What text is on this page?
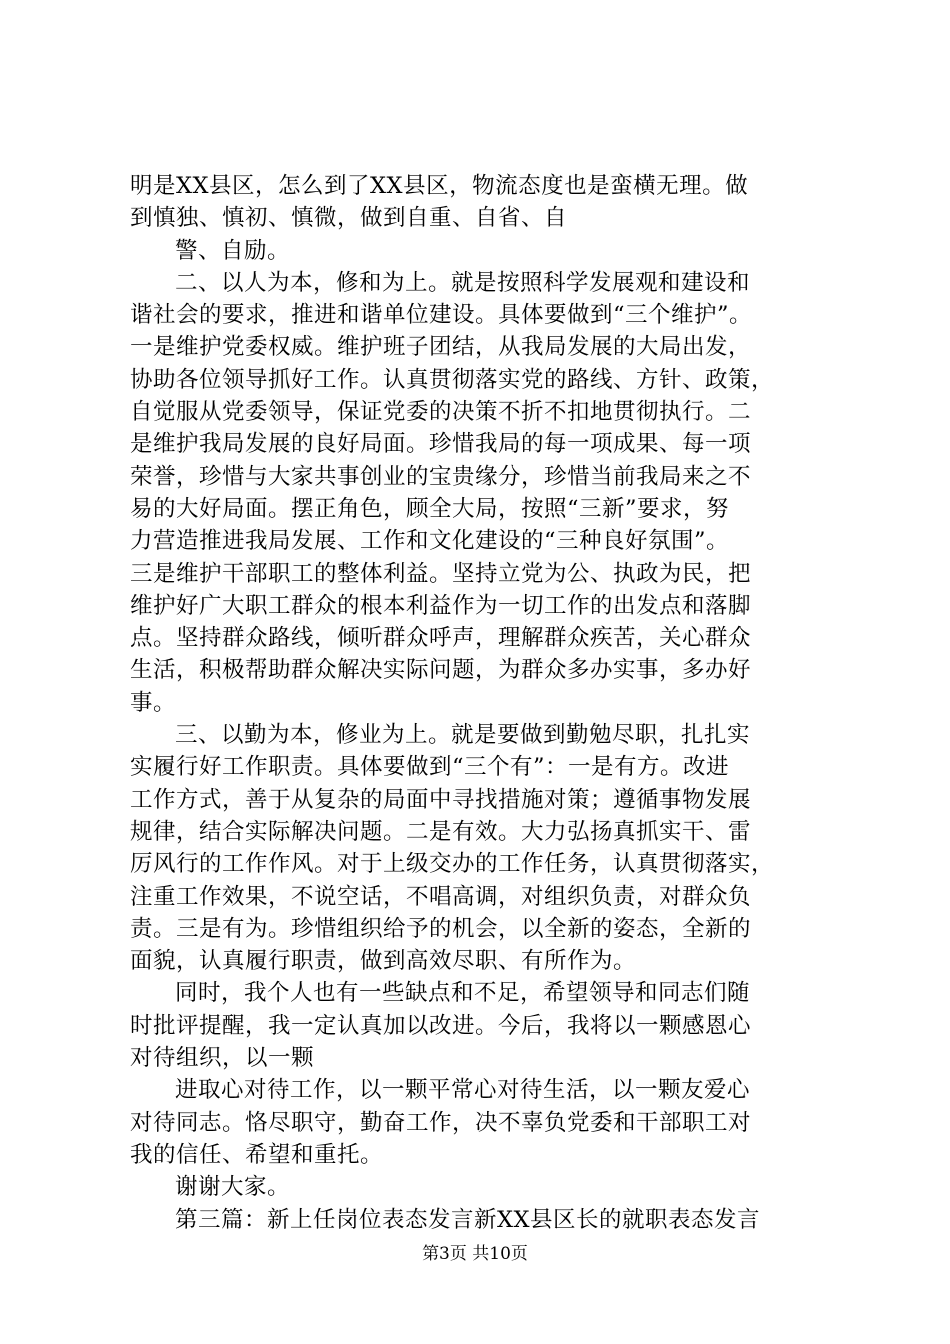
明是XX县区，怎么到了XX县区，物流态度也是蛮横无理。做
到慎独、慎初、慎微，做到自重、自省、自
警、自励。
二、以人为本，修和为上。就是按照科学发展观和建设和
谐社会的要求，推进和谐单位建设。具体要做到“三个维护”。
一是维护党委权威。维护班子团结，从我局发展的大局出发，
协助各位领导抓好工作。认真贯彻落实党的路线、方针、政策，
自觉服从党委领导，保证党委的决策不折不扣地贯彻执行。二
是维护我局发展的良好局面。珍惜我局的每一项成果、每一项
荣誉，珍惜与大家共事创业的宝贵缘分，珍惜当前我局来之不
易的大好局面。摆正角色，顾全大局，按照“三新”要求，努
力营造推进我局发展、工作和文化建设的“三种良好氛围”。
三是维护干部职工的整体利益。坚持立党为公、执政为民，把
维护好广大职工群众的根本利益作为一切工作的出发点和落脚
点。坚持群众路线，倾听群众呼声，理解群众疾苦，关心群众
生活，积极帮助群众解决实际问题，为群众多办实事，多办好
事。
三、以勤为本，修业为上。就是要做到勤勉尽职，扎扎实
实履行好工作职责。具体要做到“三个有”：一是有方。改进
工作方式，善于从复杂的局面中寻找措施对策；遵循事物发展
规律，结合实际解决问题。二是有效。大力弘扬真抓实干、雷
厉风行的工作作风。对于上级交办的工作任务，认真贯彻落实，
注重工作效果，不说空话，不唱高调，对组织负责，对群众负
责。三是有为。珍惜组织给予的机会，以全新的姿态，全新的
面貌，认真履行职责，做到高效尽职、有所作为。
同时，我个人也有一些缺点和不足，希望领导和同志们随
时批评提醒，我一定认真加以改进。今后，我将以一颗感恩心
对待组织，以一颗
进取心对待工作，以一颗平常心对待生活，以一颗友爱心
对待同志。恪尽职守，勤奋工作，决不辜负党委和干部职工对
我的信任、希望和重托。
谢谢大家。
第三篇：新上任岗位表态发言新XX县区长的就职表态发言
第3页 共10页
